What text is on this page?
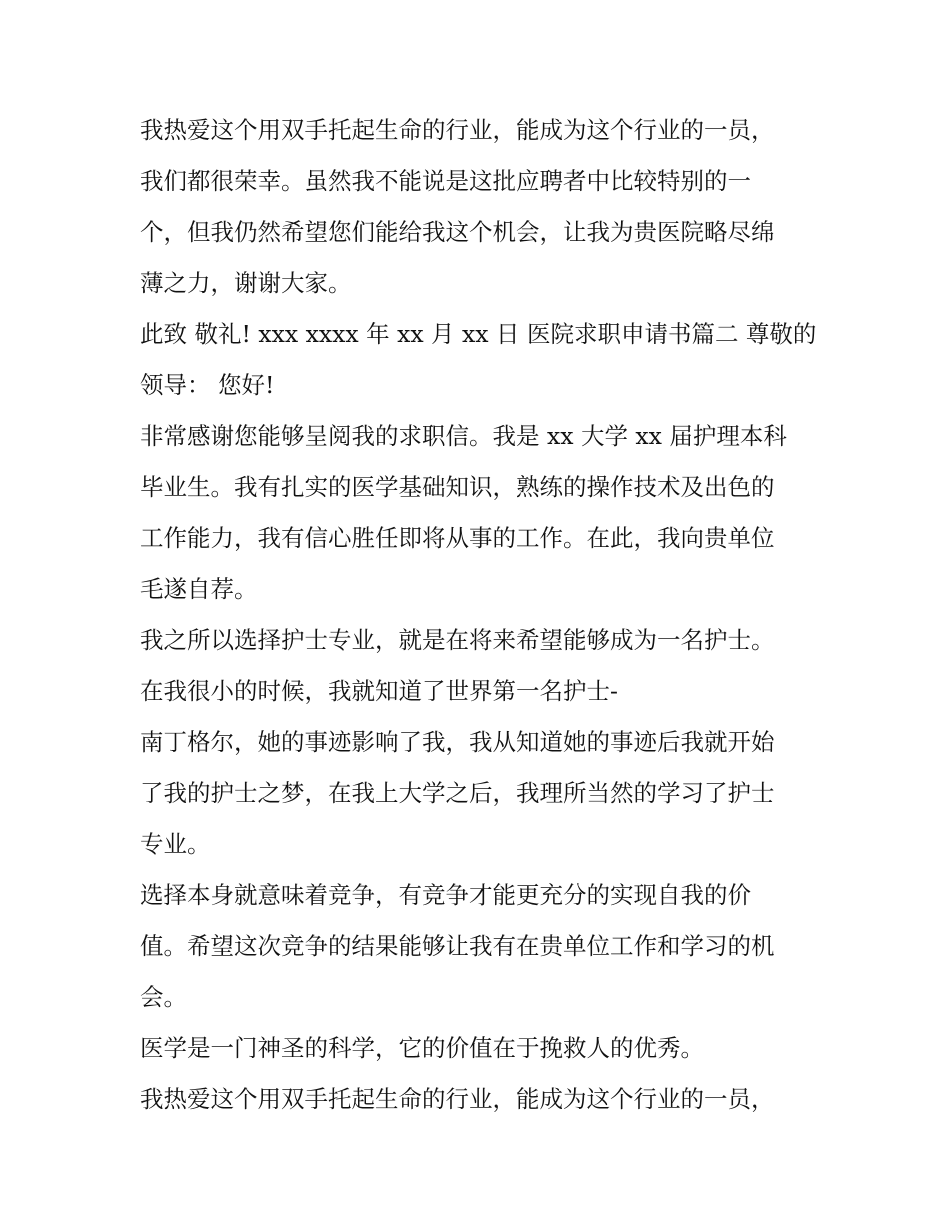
我热爱这个用双手托起生命的行业，能成为这个行业的一员，
我们都很荣幸。虽然我不能说是这批应聘者中比较特别的一
个，但我仍然希望您们能给我这个机会，让我为贵医院略尽绵
薄之力，谢谢大家。
此致 敬礼! xxx xxxx 年 xx 月 xx 日 医院求职申请书篇二 尊敬的
领导： 您好!
非常感谢您能够呈阅我的求职信。我是 xx 大学 xx 届护理本科
毕业生。我有扎实的医学基础知识，熟练的操作技术及出色的
工作能力，我有信心胜任即将从事的工作。在此，我向贵单位
毛遂自荐。
我之所以选择护士专业，就是在将来希望能够成为一名护士。
在我很小的时候，我就知道了世界第一名护士-
南丁格尔，她的事迹影响了我，我从知道她的事迹后我就开始
了我的护士之梦，在我上大学之后，我理所当然的学习了护士
专业。
选择本身就意味着竞争，有竞争才能更充分的实现自我的价
值。希望这次竞争的结果能够让我有在贵单位工作和学习的机
会。
医学是一门神圣的科学，它的价值在于挽救人的优秀。
我热爱这个用双手托起生命的行业，能成为这个行业的一员，
